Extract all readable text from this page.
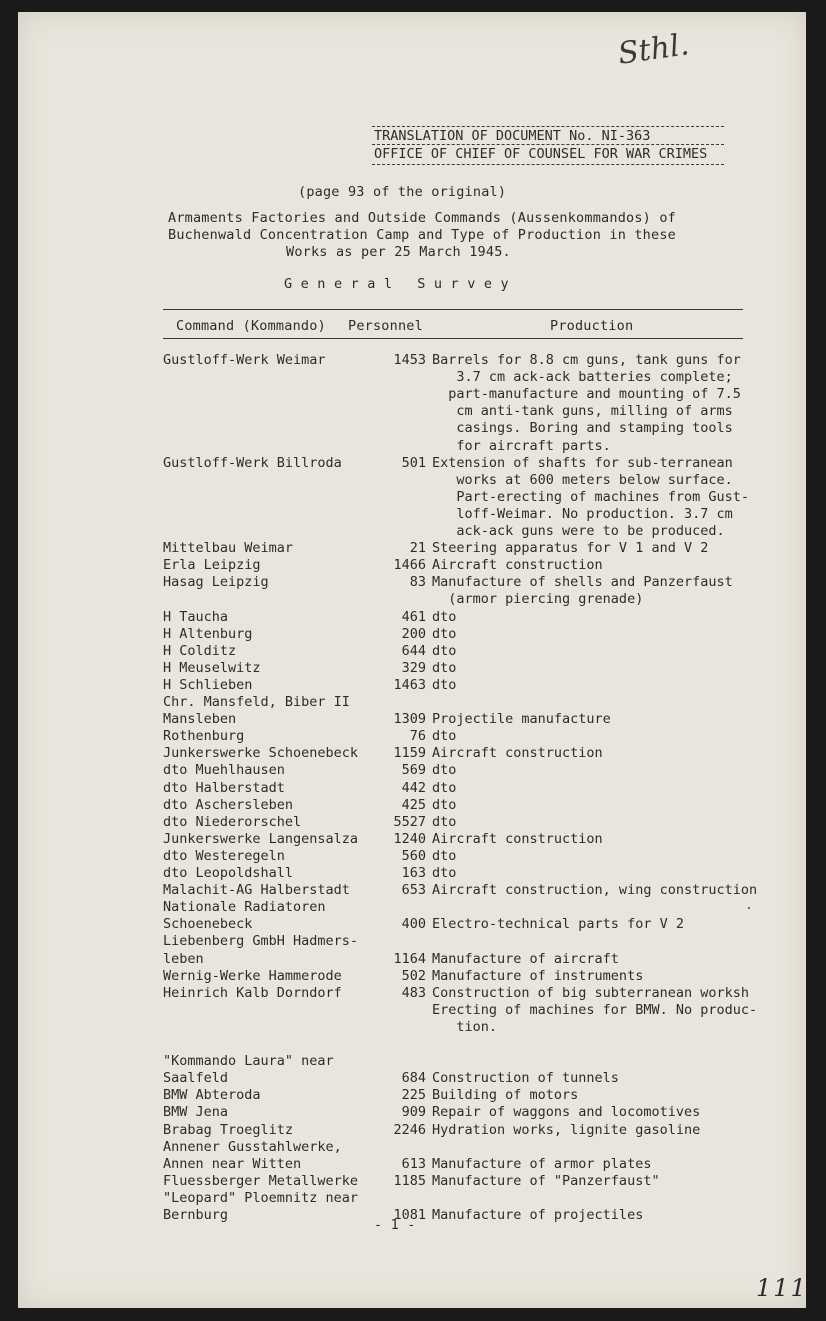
Sthl.
TRANSLATION OF DOCUMENT No. NI-363
OFFICE OF CHIEF OF COUNSEL FOR WAR CRIMES
(page 93 of the original)
Armaments Factories and Outside Commands (Aussenkommandos) of
Buchenwald Concentration Camp and Type of Production in these
Works as per 25 March 1945.
G e n e r a l   S u r v e y
Command (Kommando) Personnel	Production
Gustloff-Werk Weimar	1453 Barrels for 8.8 cm guns, tank guns for
3.7 cm ack-ack batteries complete;
part-manufacture and mounting of 7.5
cm anti-tank guns, milling of arms
casings. Boring and stamping tools
for aircraft parts.
Gustloff-Werk Billroda	501 Extension of shafts for sub-terranean
works at 600 meters below surface.
Part-erecting of machines from Gust-
loff-Weimar. No production. 3.7 cm
ack-ack guns were to be produced.
Mittelbau Weimar	21 Steering apparatus for V 1 and V 2
Erla Leipzig	1466 Aircraft construction
Hasag Leipzig	83 Manufacture of shells and Panzerfaust
(armor piercing grenade)
H Taucha	461 dto
H Altenburg	200 dto
H Colditz	644 dto
H Meuselwitz	329 dto
H Schlieben	1463 dto
Chr. Mansfeld, Biber II
Mansleben	1309 Projectile manufacture
Rothenburg	76 dto
Junkerswerke Schoenebeck	1159 Aircraft construction
dto Muehlhausen	569 dto
dto Halberstadt	442 dto
dto Aschersleben	425 dto
dto Niederorschel	5527 dto
Junkerswerke Langensalza	1240 Aircraft construction
dto Westeregeln	560 dto
dto Leopoldshall	163 dto
Malachit-AG Halberstadt	653 Aircraft construction, wing construction
Nationale Radiatoren
Schoenebeck	400 Electro-technical parts for V 2
Liebenberg GmbH Hadmers-
leben	1164 Manufacture of aircraft
Wernig-Werke Hammerode	502 Manufacture of instruments
Heinrich Kalb Dorndorf	483 Construction of big subterranean worksh
Erecting of machines for BMW. No produc-
tion.
"Kommando Laura" near
Saalfeld	684 Construction of tunnels
BMW Abteroda	225 Building of motors
BMW Jena	909 Repair of waggons and locomotives
Brabag Troeglitz	2246 Hydration works, lignite gasoline
Annener Gusstahlwerke,
Annen near Witten	613 Manufacture of armor plates
Fluessberger Metallwerke	1185 Manufacture of "Panzerfaust"
"Leopard" Ploemnitz near
Bernburg	1081 Manufacture of projectiles
- 1 -
111
